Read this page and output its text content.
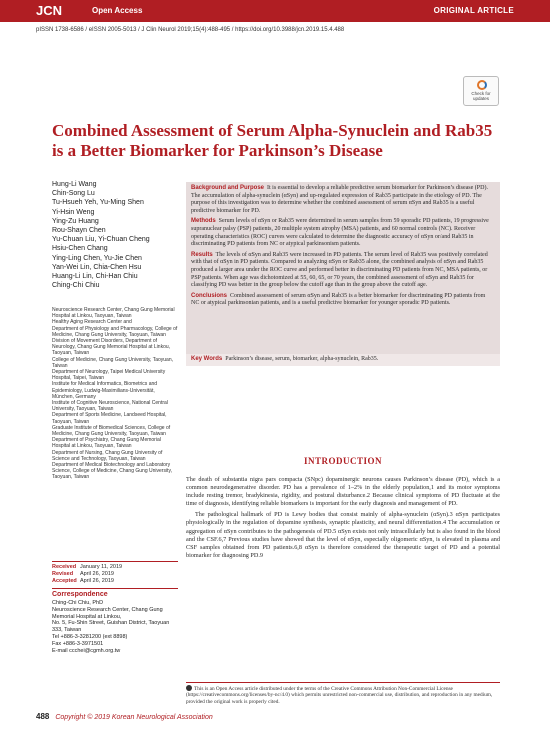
JCN	Open Access	ORIGINAL ARTICLE
pISSN 1738-6586 / eISSN 2005-5013 / J Clin Neurol 2019;15(4):488-495 / https://doi.org/10.3988/jcn.2019.15.4.488
Check for
updates
Combined Assessment of Serum Alpha-Synuclein and Rab35 is a Better Biomarker for Parkinson’s Disease
Hung-Li Wang
Chin-Song Lu
Tu-Hsueh Yeh, Yu-Ming Shen
Yi-Hsin Weng
Ying-Zu Huang
Rou-Shayn Chen
Yu-Chuan Liu, Yi-Chuan Cheng
Hsiu-Chen Chang
Ying-Ling Chen, Yu-Jie Chen
Yan-Wei Lin, Chia-Chen Hsu
Huang-Li Lin, Chi-Han Chiu
Ching-Chi Chiu
Neuroscience Research Center, Chang Gung Memorial Hospital at Linkou, Taoyuan, Taiwan
Healthy Aging Research Center and
Department of Physiology and Pharmacology, College of Medicine, Chang Gung University, Taoyuan, Taiwan
Division of Movement Disorders, Department of Neurology, Chang Gung Memorial Hospital at Linkou, Taoyuan, Taiwan
College of Medicine, Chang Gung University, Taoyuan, Taiwan
Department of Neurology, Taipei Medical University Hospital, Taipei, Taiwan
Institute for Medical Informatics, Biometrics and Epidemiology, Ludwig-Maximilians-Universität, München, Germany
Institute of Cognitive Neuroscience, National Central University, Taoyuan, Taiwan
Department of Sports Medicine, Landseed Hospital, Taoyuan, Taiwan
Graduate Institute of Biomedical Sciences, College of Medicine, Chang Gung University, Taoyuan, Taiwan
Department of Psychiatry, Chang Gung Memorial Hospital at Linkou, Taoyuan, Taiwan
Department of Nursing, Chang Gung University of Science and Technology, Taoyuan, Taiwan
Department of Medical Biotechnology and Laboratory Science, College of Medicine, Chang Gung University, Taoyuan, Taiwan
Received January 11, 2019
Revised April 26, 2019
Accepted April 26, 2019
Correspondence
Ching-Chi Chiu, PhD
Neuroscience Research Center, Chang Gung Memorial Hospital at Linkou,
No. 5, Fu-Shin Street, Guishan District, Taoyuan 333, Taiwan
Tel +886-3-3281200 (ext 8898)
Fax +886-3-3971501
E-mail ccchei@cgmh.org.tw

Background and Purpose It is essential to develop a reliable predictive serum biomarker for Parkinson’s disease (PD). The accumulation of alpha-synuclein (αSyn) and up-regulated expression of Rab35 participate in the etiology of PD. The purpose of this investigation was to determine whether the combined assessment of serum αSyn and Rab35 is a useful predictive biomarker for PD.

Methods Serum levels of αSyn or Rab35 were determined in serum samples from 59 sporadic PD patients, 19 progressive supranuclear palsy (PSP) patients, 20 multiple system atrophy (MSA) patients, and 60 normal controls (NC). Receiver operating characteristics (ROC) curves were calculated to determine the diagnostic accuracy of αSyn or/and Rab35 in discriminating PD patients from NC or atypical parkinsonism patients.

Results The levels of αSyn and Rab35 were increased in PD patients. The serum level of Rab35 was positively correlated with that of αSyn in PD patients. Compared to analyzing αSyn or Rab35 alone, the combined analysis of αSyn and Rab35 produced a larger area under the ROC curve and performed better in discriminating PD patients from NC, MSA patients, or PSP patients. When age was dichotomized at 55, 60, 65, or 70 years, the combined assessment of αSyn and Rab35 for classifying PD was better in the group below the cutoff age than in the group above the cutoff age.

Conclusions Combined assessment of serum αSyn and Rab35 is a better biomarker for discriminating PD patients from NC or atypical parkinsonian patients, and is a useful predictive biomarker for younger sporadic PD patients.

Key Words Parkinson’s disease, serum, biomarker, alpha-synuclein, Rab35.
INTRODUCTION

The death of substantia nigra pars compacta (SNpc) dopaminergic neurons causes Parkinson’s disease (PD), which is a common neurodegenerative disorder. PD has a prevalence of 1–2% in the elderly population,1 and its motor symptoms include resting tremor, bradykinesia, rigidity, and postural disturbance.2 Because clinical symptoms of PD fluctuate at the time of diagnosis, identifying reliable biomarkers is important for the early diagnosis and management of PD.

The pathological hallmark of PD is Lewy bodies that consist mainly of alpha-synuclein (αSyn).3 αSyn participates physiologically in the regulation of dopamine synthesis, synaptic plasticity, and neural differentiation.4 The accumulation or aggregation of αSyn contributes to the pathogenesis of PD.5 αSyn exists not only intracellularly but is also found in the blood and the CSF.6,7 Previous studies have showed that the level of αSyn, especially oligomeric αSyn, is elevated in plasma and CSF samples obtained from PD patients.6,8 αSyn is therefore considered the therapeutic target of PD and a potential biomarker for diagnosing PD.9

This is an Open Access article distributed under the terms of the Creative Commons Attribution Non-Commercial License (https://creativecommons.org/licenses/by-nc/4.0) which permits unrestricted non-commercial use, distribution, and reproduction in any medium, provided the original work is properly cited.
488 Copyright © 2019 Korean Neurological Association
